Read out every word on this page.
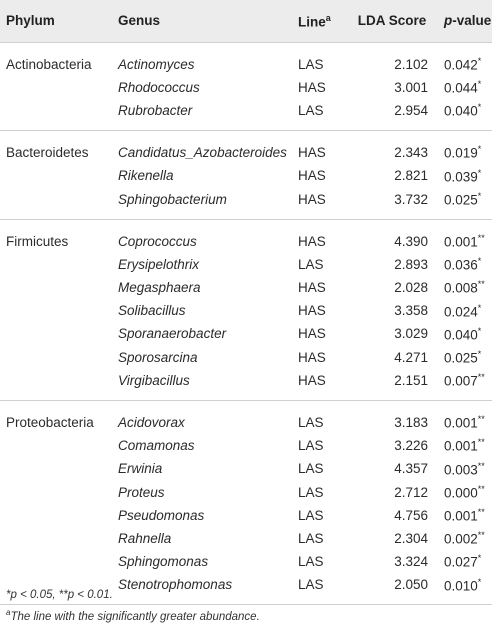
Phylum	Genus	Line$^a$	LDA Score	p-value
Actinobacteria	Actinomyces	LAS	2.102	0.042*
	Rhodococcus	HAS	3.001	0.044*
	Rubrobacter	LAS	2.954	0.040*
Bacteroidetes	Candidatus_Azobacteroides	HAS	2.343	0.019*
	Rikenella	HAS	2.821	0.039*
	Sphingobacterium	HAS	3.732	0.025*
Firmicutes	Coprococcus	HAS	4.390	0.001**
	Erysipelothrix	LAS	2.893	0.036*
	Megasphaera	HAS	2.028	0.008**
	Solibacillus	HAS	3.358	0.024*
	Sporanaerobacter	HAS	3.029	0.040*
	Sporosarcina	HAS	4.271	0.025*
	Virgibacillus	HAS	2.151	0.007**
Proteobacteria	Acidovorax	LAS	3.183	0.001**
	Comamonas	LAS	3.226	0.001**
	Erwinia	LAS	4.357	0.003**
	Proteus	LAS	2.712	0.000**
	Pseudomonas	LAS	4.756	0.001**
	Rahnella	LAS	2.304	0.002**
	Sphingomonas	LAS	3.324	0.027*
	Stenotrophomonas	LAS	2.050	0.010*
*p < 0.05, **p < 0.01.
$^a$The line with the significantly greater abundance.
